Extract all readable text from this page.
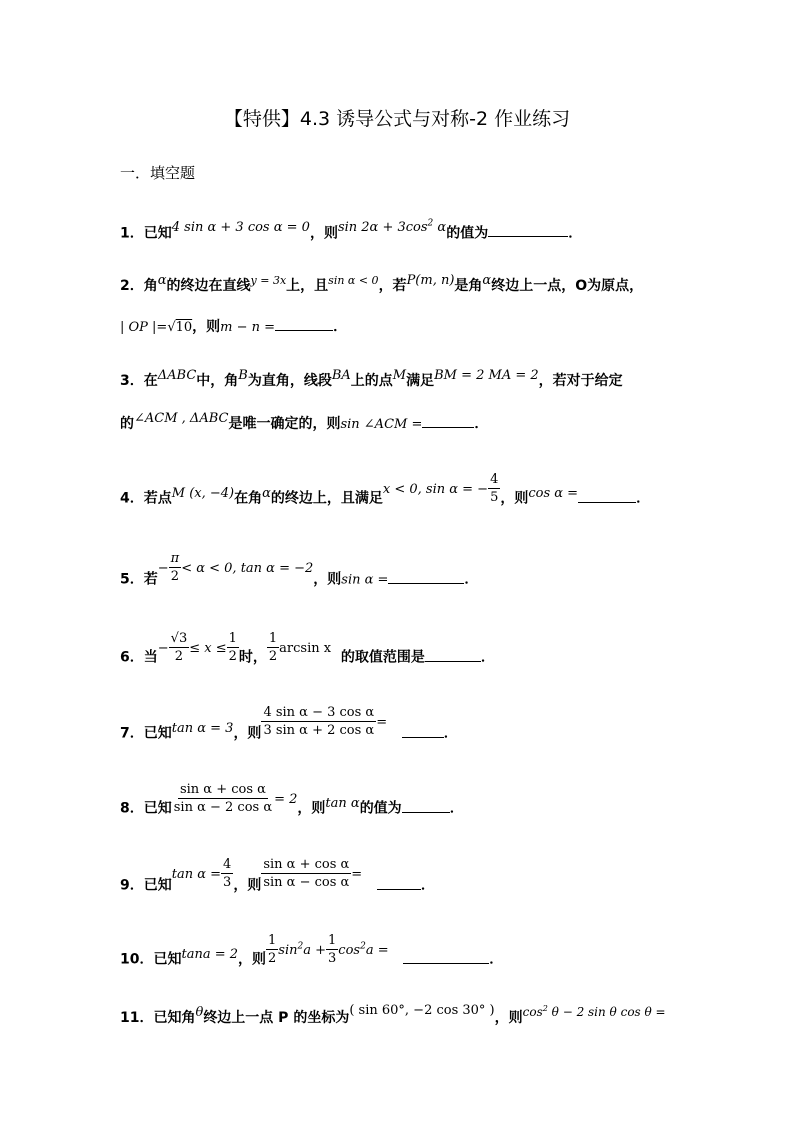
【特供】4.3 诱导公式与对称-2 作业练习
一．填空题
1．已知4 sin α + 3 cos α = 0，则$\sin 2\alpha + 3\cos^2$ α的值为	．
2．角α的终边在直线$^{y = 3x}$上，且$^{sin \alpha < 0}$，若P(m, n)是角α终边上一点，O为原点，
| OP |=√10，则m − n =	．
3．在ΔABC中，角B为直角，线段BA上的点M满足BM = 2 MA = 2，若对于给定
的∠ACM , ΔABC是唯一确定的，则sin ∠ACM =	．
4．若点M (x, −4)在角α的终边上，且满足x < 0, sin α = − $\frac{4}{5}$ ，则cos α =	．
5．若− $\frac{\pi}{2} < \alpha < 0$, tan α = −2，则sin α =	．
6．当− $\frac{√3}{2} \le x \le \frac{1}{2}$ 时， $\frac{1}{2}$ arcsin x  的取值范围是	．
7．已知tan α = 3，则 $\frac{\text{4 sin α − 3 cos α}}{\text{3 sin α + 2 cos α}}$ =   ．
8．已知 $\frac{\text{sin α + cos α}}{\text{sin α − 2 cos α}} = 2$，则tan α的值为	．
9．已知$\tan \alpha = \frac{4}{3}$ ，则 $\frac{\text{sin α + cos α}}{\text{sin α − cos α}}$ =   ．
10．已知tana = 2，则 $\frac{1}{2} \sin^2a + \frac{1}{3} \cos^2a$ =   ．
11．已知角θ终边上一点 P 的坐标为( sin 60°, −2 cos 30° )，则$\cos^2 \theta - 2$ sin θ cos θ =
